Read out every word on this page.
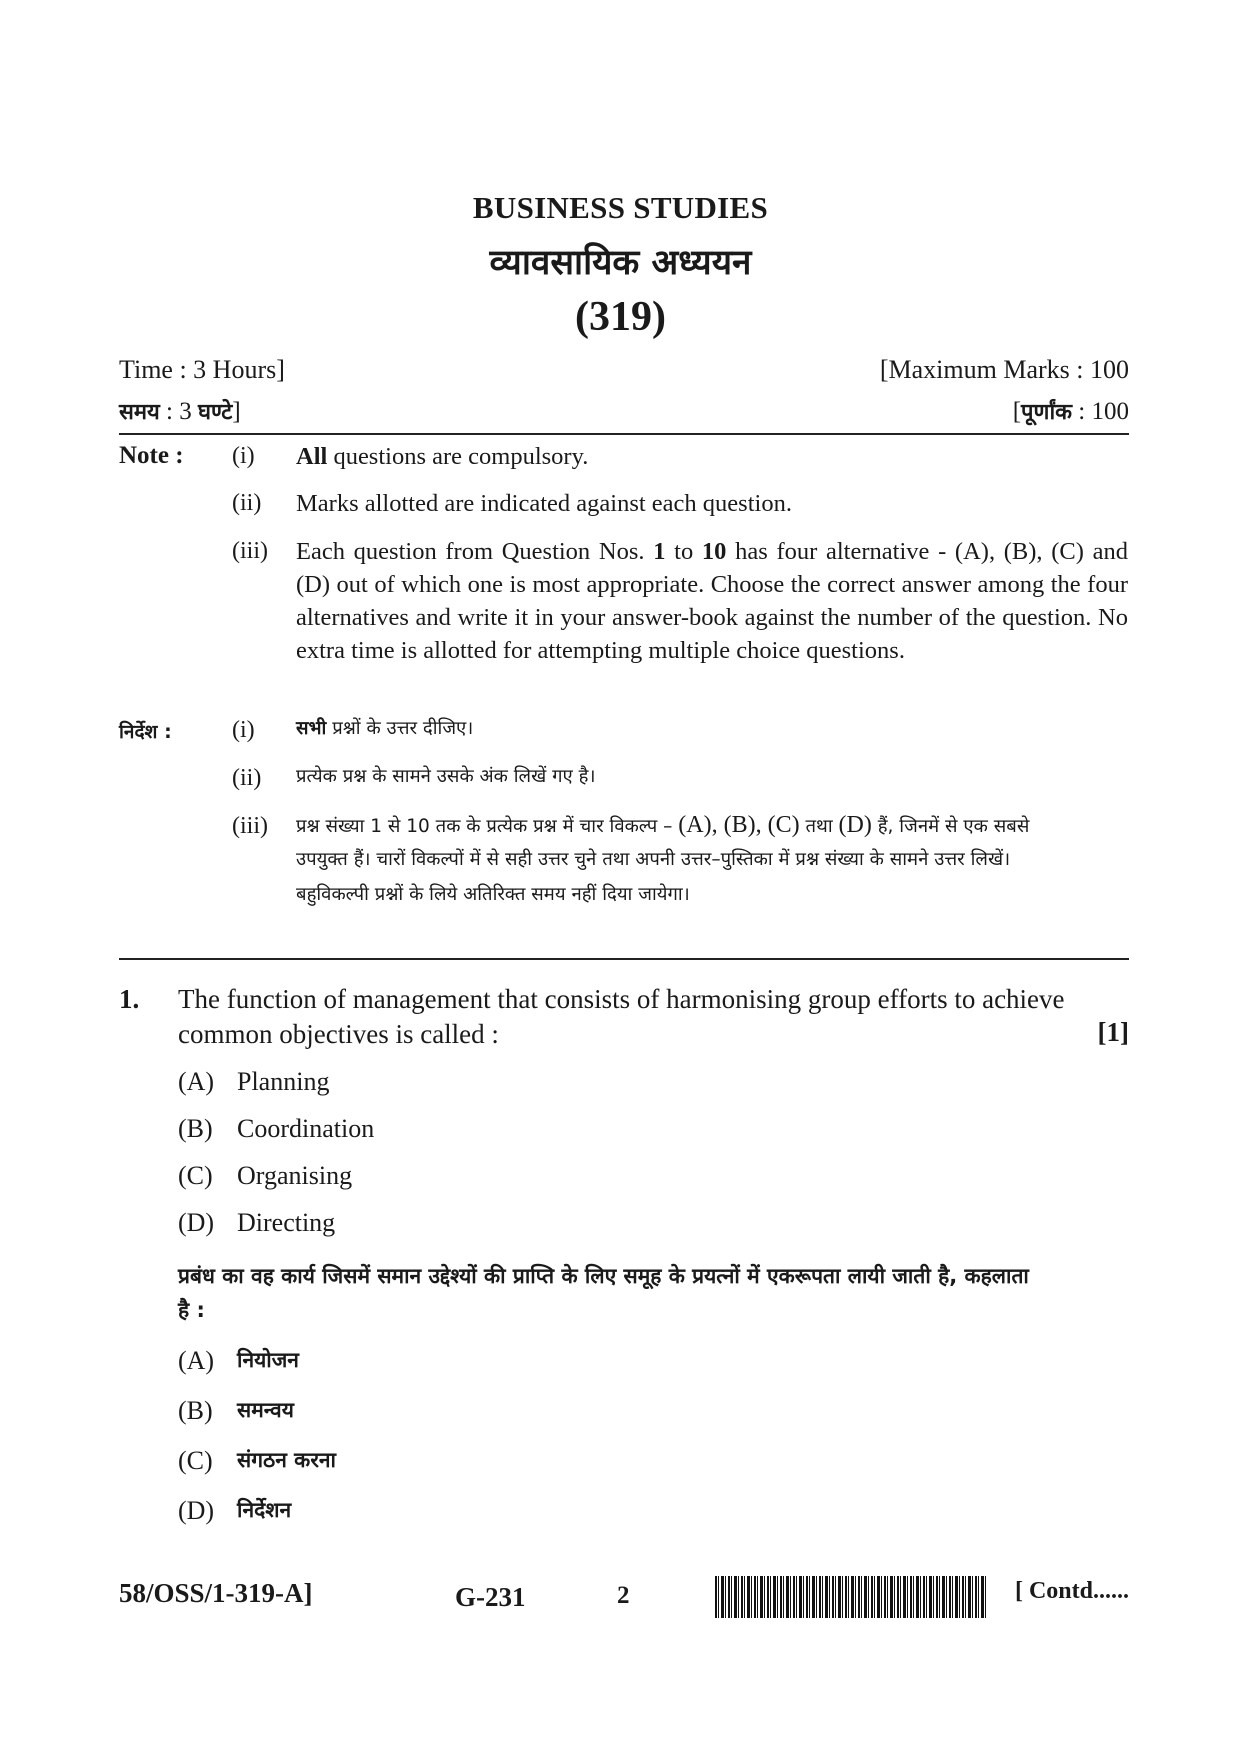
BUSINESS STUDIES
व्यावसायिक अध्ययन
(319)
Time : 3 Hours]	[Maximum Marks : 100
समय : 3 घण्टे]	[पूर्णांक : 100
Note : (i)	All questions are compulsory.
(ii)	Marks allotted are indicated against each question.
(iii)	Each question from Question Nos. 1 to 10 has four alternative - (A), (B), (C) and (D) out of which one is most appropriate. Choose the correct answer among the four alternatives and write it in your answer-book against the number of the question. No extra time is allotted for attempting multiple choice questions.
निर्देश :	(i)	सभी प्रश्नों के उत्तर दीजिए।
(ii)	प्रत्येक प्रश्न के सामने उसके अंक लिखें गए है।
(iii)	प्रश्न संख्या 1 से 10 तक के प्रत्येक प्रश्न में चार विकल्प – (A), (B), (C) तथा (D) हैं, जिनमें से एक सबसे
उपयुक्त हैं। चारों विकल्पों में से सही उत्तर चुने तथा अपनी उत्तर–पुस्तिका में प्रश्न संख्या के सामने उत्तर लिखें।
बहुविकल्पी प्रश्नों के लिये अतिरिक्त समय नहीं दिया जायेगा।
1. The function of management that consists of harmonising group efforts to achieve
common objectives is called :	[1]
(A) Planning
(B) Coordination
(C) Organising
(D) Directing
प्रबंध का वह कार्य जिसमें समान उद्देश्यों की प्राप्ति के लिए समूह के प्रयत्नों में एकरूपता लायी जाती है, कहलाता
है :
(A) नियोजन
(B) समन्वय
(C) संगठन करना
(D) निर्देशन
58/OSS/1-319-A]	G-231	2	[ Contd......
